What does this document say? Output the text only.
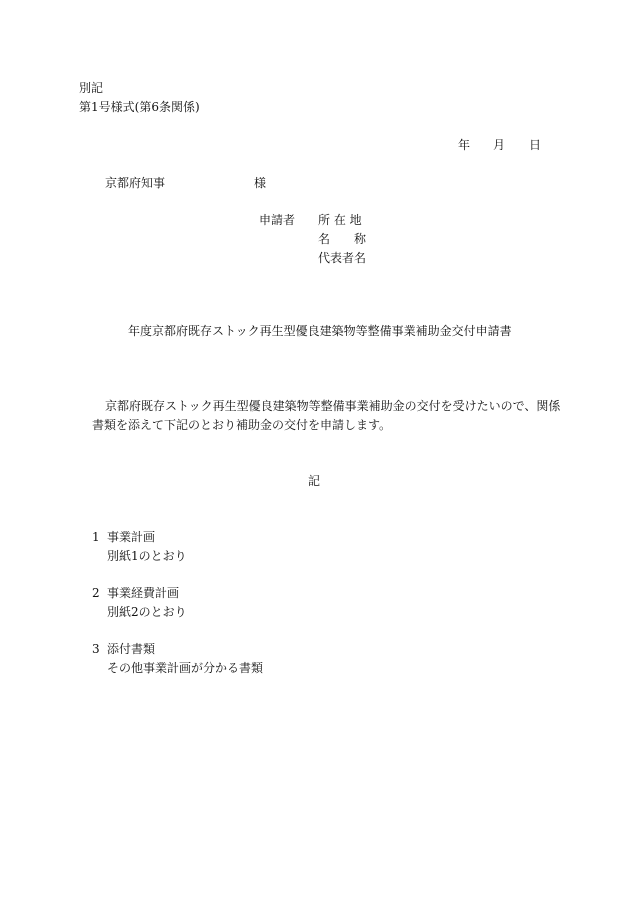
別記
第1号様式(第6条関係)
年 月 日
京都府知事	様
申請者 所 在 地
名　　称
代表者名
年度京都府既存ストック再生型優良建築物等整備事業補助金交付申請書
京都府既存ストック再生型優良建築物等整備事業補助金の交付を受けたいので、関係
書類を添えて下記のとおり補助金の交付を申請します。
記
1 事業計画
別紙1のとおり
2 事業経費計画
別紙2のとおり
3 添付書類
その他事業計画が分かる書類
